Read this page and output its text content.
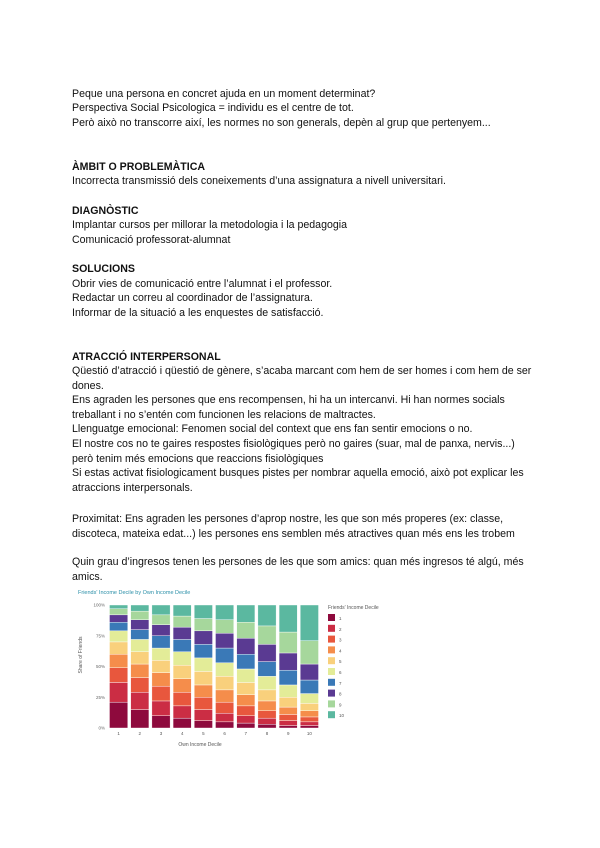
Peque una persona en concret ajuda en un moment determinat?
Perspectiva Social Psicologica = individu es el centre de tot.
Però això no transcorre així, les normes no son generals, depèn al grup que pertenyem...
ÀMBIT O PROBLEMÀTICA
Incorrecta transmissió dels coneixements d’una assignatura a nivell universitari.
DIAGNÒSTIC
Implantar cursos per millorar la metodologia i la pedagogia
Comunicació professorat-alumnat
SOLUCIONS
Obrir vies de comunicació entre l’alumnat i el professor.
Redactar un correu al coordinador de l’assignatura.
Informar de la situació a les enquestes de satisfacció.
ATRACCIÓ INTERPERSONAL
Qüestió d’atracció i qüestió de gènere, s’acaba marcant com hem de ser homes i com hem de ser dones.
Ens agraden les persones que ens recompensen, hi ha un intercanvi. Hi han normes socials treballant i no s’entén com funcionen les relacions de maltractes.
Llenguatge emocional: Fenomen social del context que ens fan sentir emocions o no.
El nostre cos no te gaires respostes fisiològiques però no gaires (suar, mal de panxa, nervis...) però tenim més emocions que reaccions fisiològiques
Si estas activat fisiologicament busques pistes per nombrar aquella emoció, això pot explicar les atraccions interpersonals.
Proximitat: Ens agraden les persones d’aprop nostre, les que son més properes (ex: classe, discoteca, mateixa edat...) les persones ens semblen més atractives quan més ens les trobem
Quin grau d’ingresos tenen les persones de les que som amics: quan més ingresos té algú, més amics.
Friends' Income Decile by Own Income Decile
0%
25%
50%
75%
100%
1	2	3	4	5	6	7	8	9	10
Own Income Decile
Share of Friends
Friends' Income Decile
1
2
3
4
5
6
7
8
9
10
